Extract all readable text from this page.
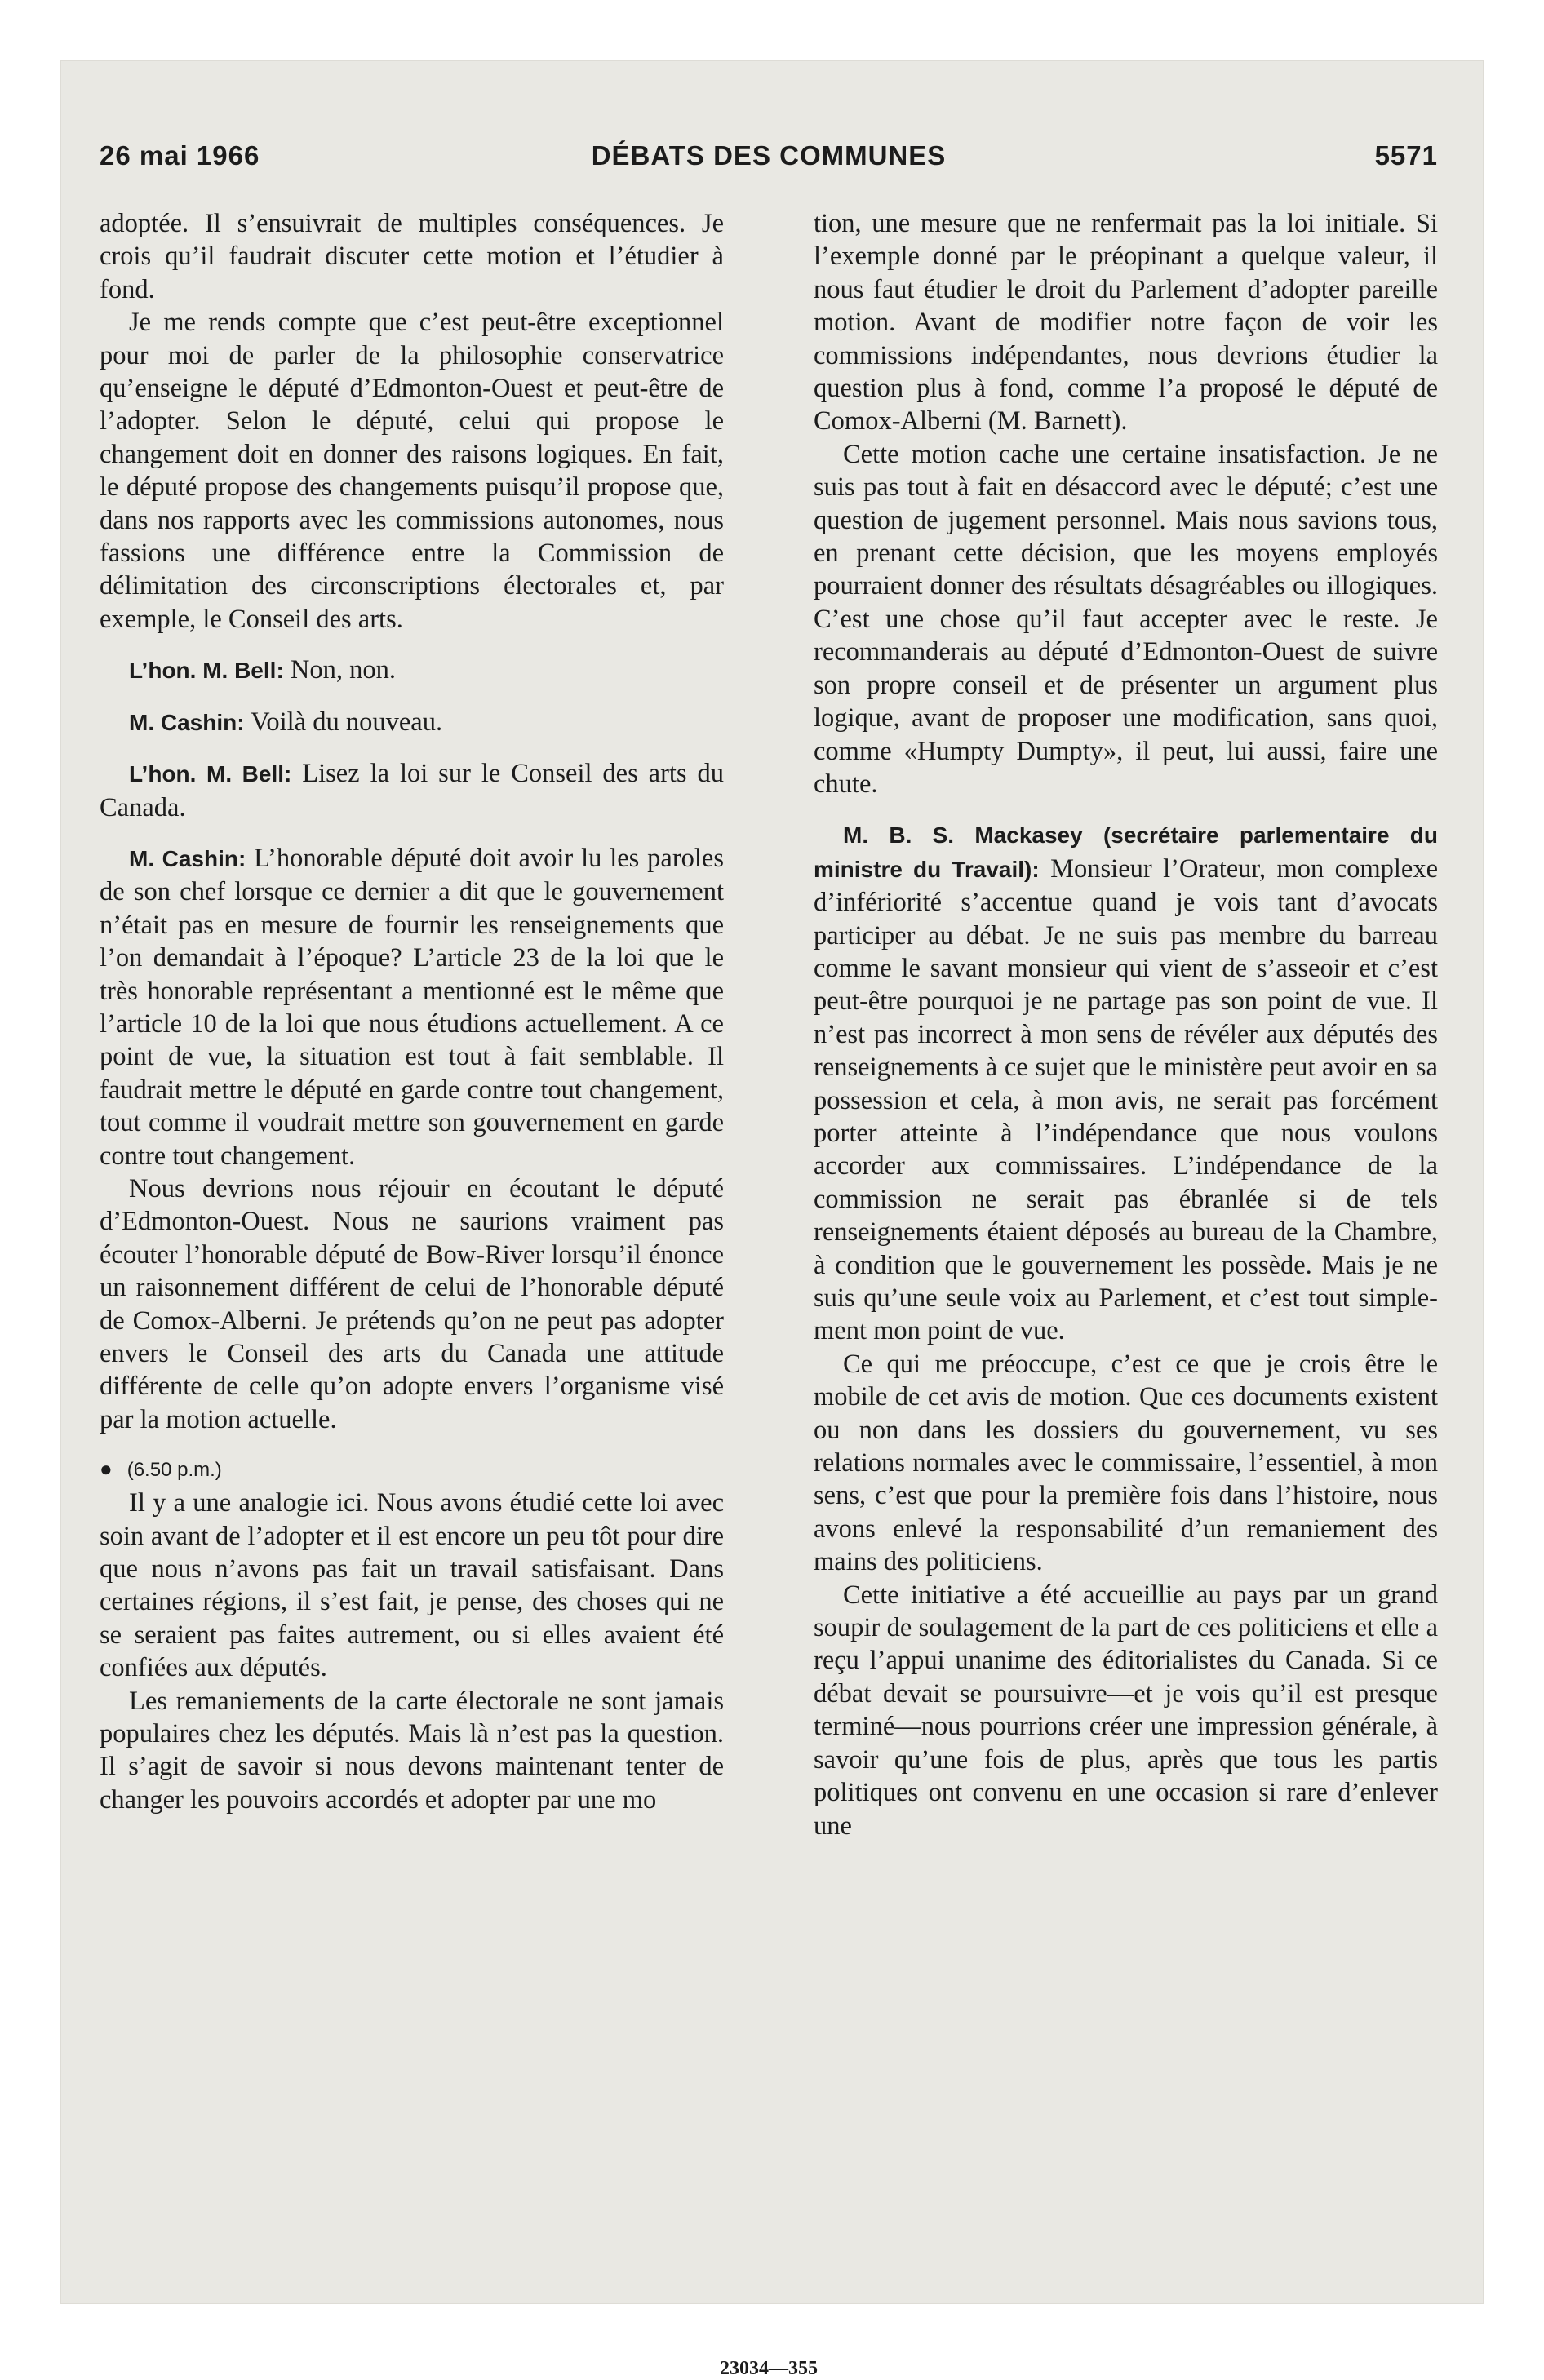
26 mai 1966	DÉBATS DES COMMUNES	5571

adoptée. Il s’ensuivrait de multiples conséquences. Je crois qu’il faudrait discuter cette motion et l’étudier à fond.

Je me rends compte que c’est peut-être exceptionnel pour moi de parler de la philosophie conservatrice qu’enseigne le député d’Edmonton-Ouest et peut-être de l’adopter. Selon le député, celui qui propose le changement doit en donner des raisons logiques. En fait, le député propose des changements puisqu’il propose que, dans nos rapports avec les commissions autonomes, nous fassions une différence entre la Commission de délimitation des circonscriptions électorales et, par exemple, le Conseil des arts.

L’hon. M. Bell: Non, non.

M. Cashin: Voilà du nouveau.

L’hon. M. Bell: Lisez la loi sur le Conseil des arts du Canada.

M. Cashin: L’honorable député doit avoir lu les paroles de son chef lorsque ce dernier a dit que le gouvernement n’était pas en mesure de fournir les renseignements que l’on demandait à l’époque? L’article 23 de la loi que le très honorable représentant a mentionné est le même que l’article 10 de la loi que nous étudions actuellement. A ce point de vue, la situation est tout à fait semblable. Il faudrait mettre le député en garde contre tout changement, tout comme il voudrait mettre son gouvernement en garde contre tout changement.

Nous devrions nous réjouir en écoutant le député d’Edmonton-Ouest. Nous ne saurions vraiment pas écouter l’honorable député de Bow-River lorsqu’il énonce un raisonnement différent de celui de l’honorable député de Comox-Alberni. Je prétends qu’on ne peut pas adopter envers le Conseil des arts du Canada une attitude différente de celle qu’on adopte envers l’organisme visé par la motion actuelle.

● (6.50 p.m.)

Il y a une analogie ici. Nous avons étudié cette loi avec soin avant de l’adopter et il est encore un peu tôt pour dire que nous n’avons pas fait un travail satisfaisant. Dans certaines régions, il s’est fait, je pense, des choses qui ne se seraient pas faites autrement, ou si elles avaient été confiées aux députés.

Les remaniements de la carte électorale ne sont jamais populaires chez les députés. Mais là n’est pas la question. Il s’agit de savoir si nous devons maintenant tenter de changer les pouvoirs accordés et adopter par une mo

tion, une mesure que ne renfermait pas la loi initiale. Si l’exemple donné par le préopinant a quelque valeur, il nous faut étudier le droit du Parlement d’adopter pareille motion. Avant de modifier notre façon de voir les commissions indépendantes, nous devrions étudier la question plus à fond, comme l’a proposé le député de Comox-Alberni (M. Barnett).

Cette motion cache une certaine insatisfaction. Je ne suis pas tout à fait en désaccord avec le député; c’est une question de jugement personnel. Mais nous savions tous, en prenant cette décision, que les moyens employés pourraient donner des résultats désagréables ou illogiques. C’est une chose qu’il faut accepter avec le reste. Je recommanderais au député d’Edmonton-Ouest de suivre son propre conseil et de présenter un argument plus logique, avant de proposer une modification, sans quoi, comme «Humpty Dumpty», il peut, lui aussi, faire une chute.

M. B. S. Mackasey (secrétaire parlementaire du ministre du Travail): Monsieur l’Orateur, mon complexe d’infériorité s’accentue quand je vois tant d’avocats participer au débat. Je ne suis pas membre du barreau comme le savant monsieur qui vient de s’asseoir et c’est peut-être pourquoi je ne partage pas son point de vue. Il n’est pas incorrect à mon sens de révéler aux députés des renseignements à ce sujet que le ministère peut avoir en sa possession et cela, à mon avis, ne serait pas forcément porter atteinte à l’indépendance que nous voulons accorder aux commissaires. L’indépendance de la commission ne serait pas ébranlée si de tels renseignements étaient déposés au bureau de la Chambre, à condition que le gouvernement les possède. Mais je ne suis qu’une seule voix au Parlement, et c’est tout simplement mon point de vue.

Ce qui me préoccupe, c’est ce que je crois être le mobile de cet avis de motion. Que ces documents existent ou non dans les dossiers du gouvernement, vu ses relations normales avec le commissaire, l’essentiel, à mon sens, c’est que pour la première fois dans l’histoire, nous avons enlevé la responsabilité d’un remaniement des mains des politiciens.

Cette initiative a été accueillie au pays par un grand soupir de soulagement de la part de ces politiciens et elle a reçu l’appui unanime des éditorialistes du Canada. Si ce débat devait se poursuivre—et je vois qu’il est presque terminé—nous pourrions créer une impression générale, à savoir qu’une fois de plus, après que tous les partis politiques ont convenu en une occasion si rare d’enlever une

23034—355
